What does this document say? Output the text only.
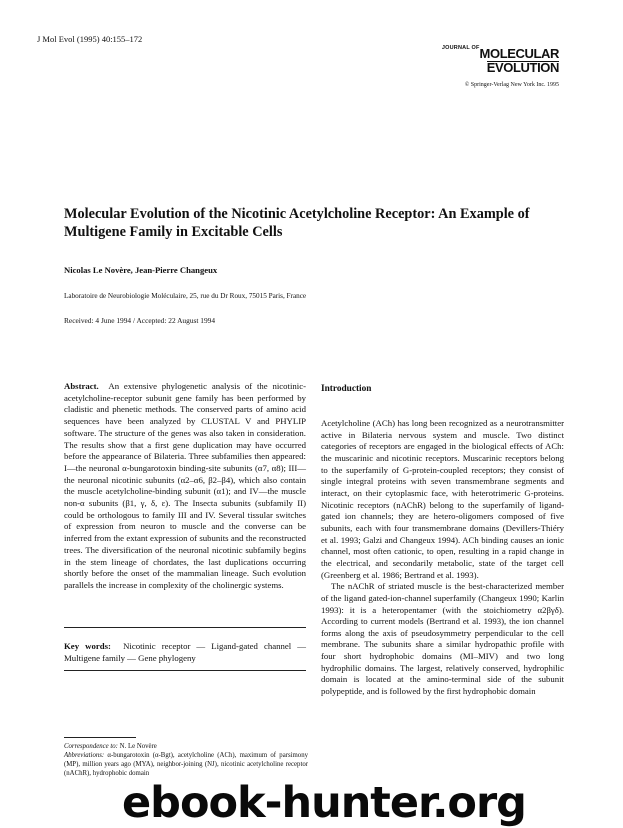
J Mol Evol (1995) 40:155–172
$^{JOURNAL OF}$MOLECULAR
EVOLUTION
© Springer-Verlag New York Inc. 1995
Molecular Evolution of the Nicotinic Acetylcholine Receptor: An Example of Multigene Family in Excitable Cells
Nicolas Le Novère, Jean-Pierre Changeux
Laboratoire de Neurobiologie Moléculaire, 25, rue du Dr Roux, 75015 Paris, France
Received: 4 June 1994 / Accepted: 22 August 1994
Abstract. An extensive phylogenetic analysis of the nicotinic-acetylcholine-receptor subunit gene family has been performed by cladistic and phenetic methods. The conserved parts of amino acid sequences have been analyzed by CLUSTAL V and PHYLIP software. The structure of the genes was also taken in consideration. The results show that a first gene duplication may have occurred before the appearance of Bilateria. Three subfamilies then appeared: I—the neuronal α-bungarotoxin binding-site subunits (α7, α8); III—the neuronal nicotinic subunits (α2–α6, β2–β4), which also contain the muscle acetylcholine-binding subunit (α1); and IV—the muscle non-α subunits (β1, γ, δ, ε). The Insecta subunits (subfamily II) could be orthologous to family III and IV. Several tissular switches of expression from neuron to muscle and the converse can be inferred from the extant expression of subunits and the reconstructed trees. The diversification of the neuronal nicotinic subfamily begins in the stem lineage of chordates, the last duplications occurring shortly before the onset of the mammalian lineage. Such evolution parallels the increase in complexity of the cholinergic systems.
Key words: Nicotinic receptor — Ligand-gated channel — Multigene family — Gene phylogeny
Correspondence to: N. Le Novère
Abbreviations: α-bungarotoxin (α-Bgt), acetylcholine (ACh), maximum of parsimony (MP), million years ago (MYA), neighbor-joining (NJ), nicotinic acetylcholine receptor (nAChR), hydrophobic domain
Introduction

Acetylcholine (ACh) has long been recognized as a neurotransmitter active in Bilateria nervous system and muscle. Two distinct categories of receptors are engaged in the biological effects of ACh: the muscarinic and nicotinic receptors. Muscarinic receptors belong to the superfamily of G-protein-coupled receptors; they consist of single integral proteins with seven transmembrane segments and interact, on their cytoplasmic face, with heterotrimeric G-proteins. Nicotinic receptors (nAChR) belong to the superfamily of ligand-gated ion channels; they are hetero-oligomers composed of five subunits, each with four transmembrane domains (Devillers-Thiéry et al. 1993; Galzi and Changeux 1994). ACh binding causes an ionic channel, most often cationic, to open, resulting in a rapid change in the electrical, and secondarily metabolic, state of the target cell (Greenberg et al. 1986; Bertrand et al. 1993).

The nAChR of striated muscle is the best-characterized member of the ligand gated-ion-channel superfamily (Changeux 1990; Karlin 1993): it is a heteropentamer (with the stoichiometry α2βγδ). According to current models (Bertrand et al. 1993), the ion channel forms along the axis of pseudosymmetry perpendicular to the cell membrane. The subunits share a similar hydropathic profile with four short hydrophobic domains (MI–MIV) and two long hydrophilic domains. The largest, relatively conserved, hydrophilic domain is located at the amino-terminal side of the subunit polypeptide, and is followed by the first hydrophobic domain

ebook-hunter.org
